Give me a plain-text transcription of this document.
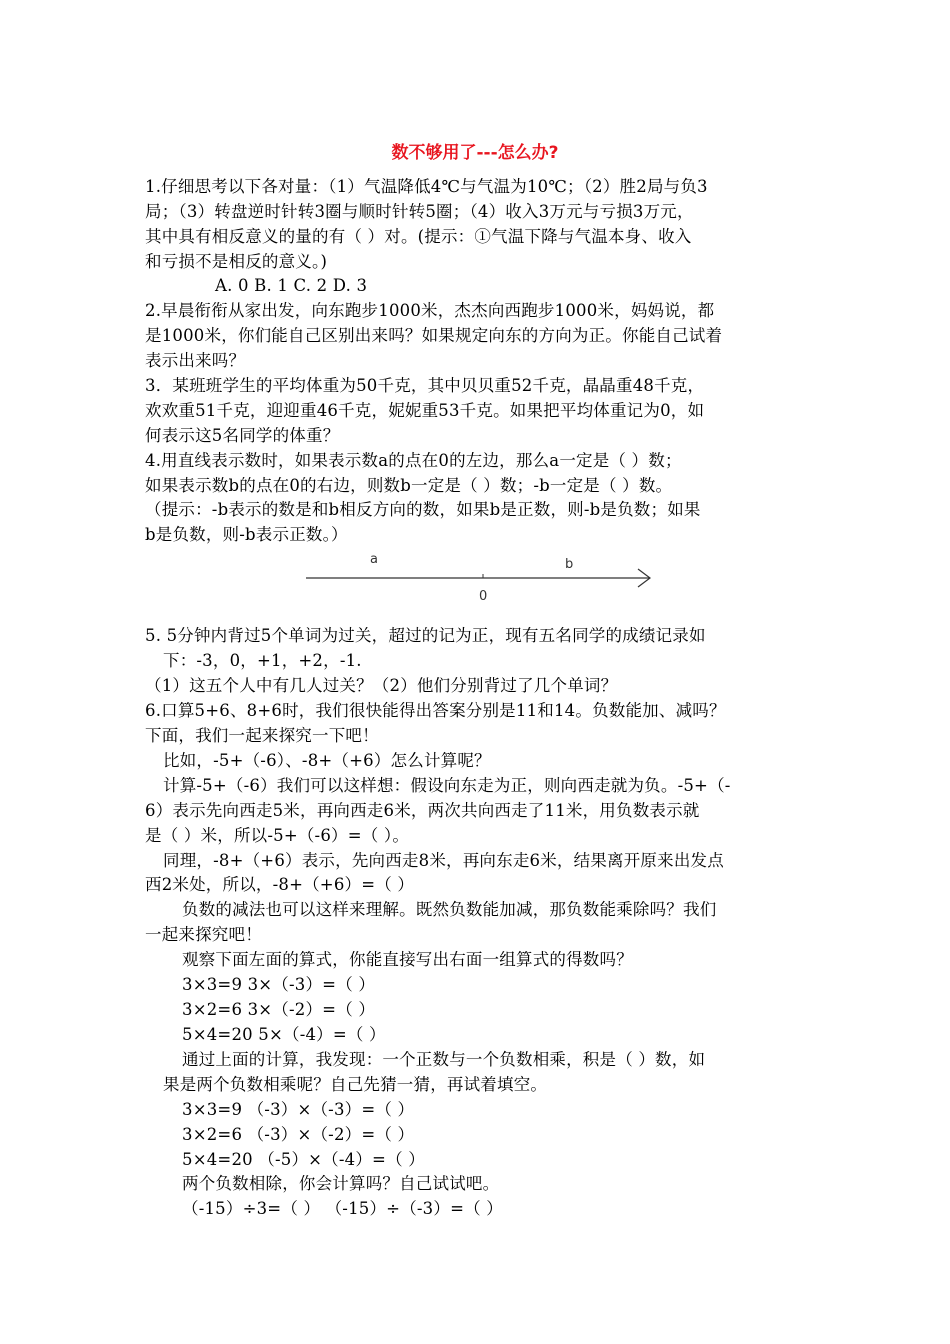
数不够用了---怎么办?
1.仔细思考以下各对量：（1）气温降低4℃与气温为10℃；（2）胜2局与负3
局；（3）转盘逆时针转3圈与顺时针转5圈；（4）收入3万元与亏损3万元，
其中具有相反意义的量的有（ ）对。(提示：①气温下降与气温本身、收入
和亏损不是相反的意义。)
A. 0 B. 1 C. 2 D. 3
2.早晨衔衔从家出发，向东跑步1000米，杰杰向西跑步1000米，妈妈说，都
是1000米，你们能自己区别出来吗？如果规定向东的方向为正。你能自己试着
表示出来吗？
3．某班班学生的平均体重为50千克，其中贝贝重52千克，晶晶重48千克，
欢欢重51千克，迎迎重46千克，妮妮重53千克。如果把平均体重记为0，如
何表示这5名同学的体重？
4.用直线表示数时，如果表示数a的点在0的左边，那么a一定是（ ）数；
如果表示数b的点在0的右边，则数b一定是（ ）数；-b一定是（ ）数。
（提示：-b表示的数是和b相反方向的数，如果b是正数，则-b是负数；如果
b是负数，则-b表示正数。）
a	b
0
5. 5分钟内背过5个单词为过关，超过的记为正，现有五名同学的成绩记录如
下：-3，0，+1，+2，-1.
（1）这五个人中有几人过关？（2）他们分别背过了几个单词？
6.口算5+6、8+6时，我们很快能得出答案分别是11和14。负数能加、减吗？
下面，我们一起来探究一下吧！
比如，-5+（-6）、-8+（+6）怎么计算呢？
计算-5+（-6）我们可以这样想：假设向东走为正，则向西走就为负。-5+（-
6）表示先向西走5米，再向西走6米，两次共向西走了11米，用负数表示就
是（ ）米，所以-5+（-6）=（ ）。
同理，-8+（+6）表示，先向西走8米，再向东走6米，结果离开原来出发点
西2米处，所以，-8+（+6）=（ ）
负数的减法也可以这样来理解。既然负数能加减，那负数能乘除吗？我们
一起来探究吧！
观察下面左面的算式，你能直接写出右面一组算式的得数吗？
3×3=9 3×（-3）=（ ）
3×2=6 3×（-2）=（ ）
5×4=20 5×（-4）=（ ）
通过上面的计算，我发现：一个正数与一个负数相乘，积是（ ）数，如
果是两个负数相乘呢？自己先猜一猜，再试着填空。
3×3=9 （-3）×（-3）=（ ）
3×2=6 （-3）×（-2）=（ ）
5×4=20 （-5）×（-4）=（ ）
两个负数相除，你会计算吗？自己试试吧。
（-15）÷3=（ ） （-15）÷（-3）=（ ）
